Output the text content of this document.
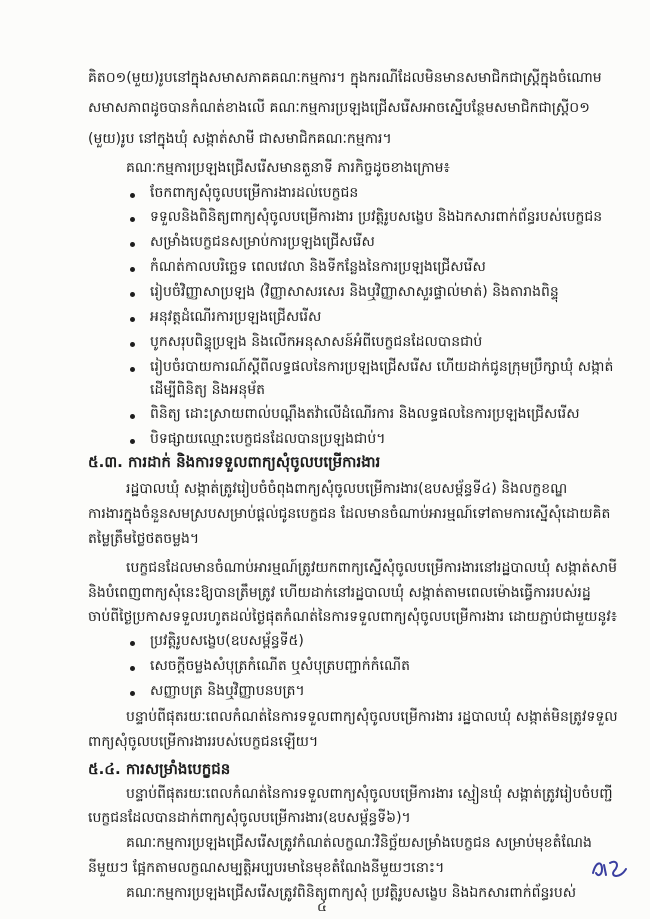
គិត០១(មួយ)រូបនៅក្នុងសមាសភាគគណៈកម្មការ។ ក្នុងករណីដែលមិនមានសមាជិកជាស្ត្រីក្នុងចំណោម
សមាសភាពដូចបានកំណត់ខាងលើ គណៈកម្មការប្រឡងជ្រើសរើសអាចស្នើបន្ថែមសមាជិកជាស្ត្រី០១
(មួយ)រូប នៅក្នុងឃុំ សង្កាត់សាមី ជាសមាជិកគណៈកម្មការ។
គណៈកម្មការប្រឡងជ្រើសរើសមានតួនាទី ភារកិច្ចដូចខាងក្រោម៖
ចែកពាក្យសុំចូលបម្រើការងារដល់បេក្ខជន
ទទួលនិងពិនិត្យពាក្យសុំចូលបម្រើការងារ ប្រវត្តិរូបសង្ខេប និងឯកសារពាក់ព័ន្ធរបស់បេក្ខជន
សម្រាំងបេក្ខជនសម្រាប់ការប្រឡងជ្រើសរើស
កំណត់កាលបរិច្ឆេទ ពេលវេលា និងទីកន្លែងនៃការប្រឡងជ្រើសរើស
រៀបចំវិញ្ញាសាប្រឡង (វិញ្ញាសាសរសេរ និងឬវិញ្ញាសាសួរផ្ទាល់មាត់) និងតារាងពិន្ទុ
អនុវត្តដំណើរការប្រឡងជ្រើសរើស
បូកសរុបពិន្ទុប្រឡង និងលើកអនុសាសន៍អំពីបេក្ខជនដែលបានជាប់
រៀបចំរបាយការណ៍ស្ដីពីលទ្ធផលនៃការប្រឡងជ្រើសរើស ហើយដាក់ជូនក្រុមប្រឹក្សាឃុំ សង្កាត់
ដើម្បីពិនិត្យ និងអនុម័ត
ពិនិត្យ ដោះស្រាយពាល់បណ្ដឹងតវ៉ាលើដំណើរការ និងលទ្ធផលនៃការប្រឡងជ្រើសរើស
បិទផ្សាយឈ្មោះបេក្ខជនដែលបានប្រឡងជាប់។
៥.៣. ការដាក់ និងការទទួលពាក្យសុំចូលបម្រើការងារ
រដ្ឋបាលឃុំ សង្កាត់ត្រូវរៀបចំចំពុងពាក្យសុំចូលបម្រើការងារ(ឧបសម្ព័ន្ធទី៤) និងលក្ខខណ្ឌ
ការងារក្នុងចំនួនសមស្របសម្រាប់ផ្ដល់ជូនបេក្ខជន ដែលមានចំណាប់អារម្មណ៍ទៅតាមការស្នើសុំដោយគិត
តម្លៃត្រឹមថ្លៃថតចម្លង។
បេក្ខជនដែលមានចំណាប់អារម្មណ៍ត្រូវយកពាក្យស្នើសុំចូលបម្រើការងារនៅរដ្ឋបាលឃុំ សង្កាត់សាមី
និងបំពេញពាក្យសុំនេះឱ្យបានត្រឹមត្រូវ ហើយដាក់នៅរដ្ឋបាលឃុំ សង្កាត់តាមពេលម៉ោងធ្វើការរបស់រដ្ឋ
ចាប់ពីថ្ងៃប្រកាសទទួលរហូតដល់ថ្ងៃផុតកំណត់នៃការទទួលពាក្យសុំចូលបម្រើការងារ ដោយភ្ជាប់ជាមួយនូវ៖
ប្រវត្តិរូបសង្ខេប(ឧបសម្ព័ន្ធទី៥)
សេចក្ដីចម្លងសំបុត្រកំណើត ឬសំបុត្របញ្ជាក់កំណើត
សញ្ញាបត្រ និងឬវិញ្ញាបនបត្រ។
បន្ទាប់ពីផុតរយៈពេលកំណត់នៃការទទួលពាក្យសុំចូលបម្រើការងារ រដ្ឋបាលឃុំ សង្កាត់មិនត្រូវទទួល
ពាក្យសុំចូលបម្រើការងាររបស់បេក្ខជនឡើយ។
៥.៤. ការសម្រាំងបេក្ខជន
បន្ទាប់ពីផុតរយៈពេលកំណត់នៃការទទួលពាក្យសុំចូលបម្រើការងារ ស្មៀនឃុំ សង្កាត់ត្រូវរៀបចំបញ្ជី
បេក្ខជនដែលបានដាក់ពាក្យសុំចូលបម្រើការងារ(ឧបសម្ព័ន្ធទី៦)។
គណៈកម្មការប្រឡងជ្រើសរើសត្រូវកំណត់លក្ខណៈវិនិច្ឆ័យសម្រាំងបេក្ខជន សម្រាប់មុខតំណែង
នីមួយៗ ផ្អែកតាមលក្ខណសម្បត្តិអប្បបរមានៃមុខតំណែងនីមួយៗនោះ។
គណៈកម្មការប្រឡងជ្រើសរើសត្រូវពិនិត្យពាក្យសុំ ប្រវត្តិរូបសង្ខេប និងឯកសារពាក់ព័ន្ធរបស់
៤
